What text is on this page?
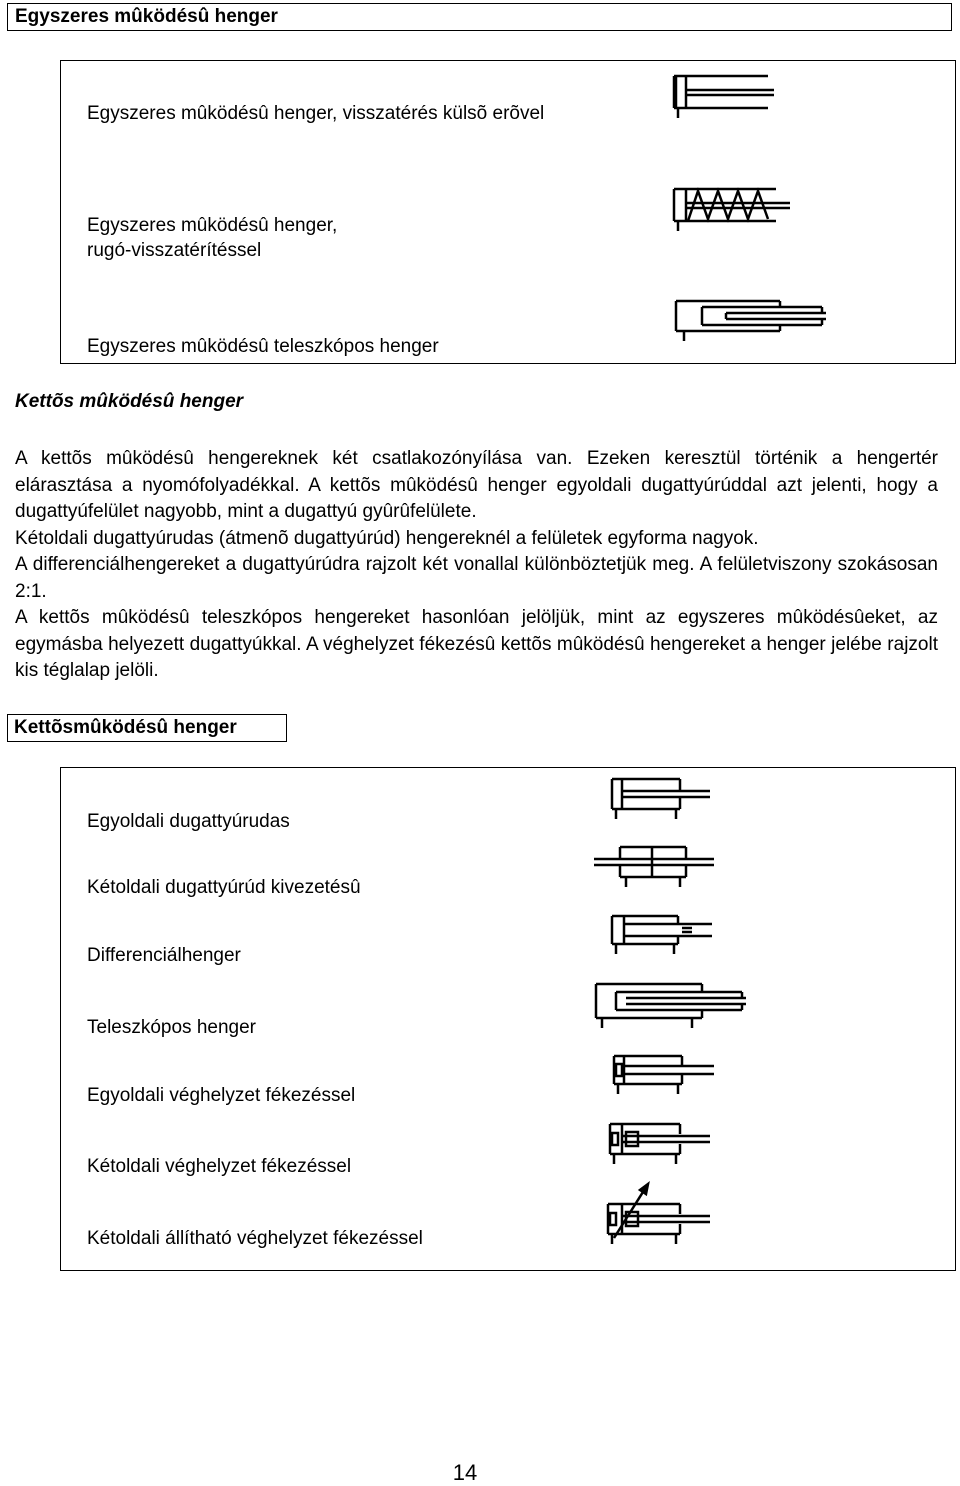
Egyszeres mûködésû henger
Egyszeres mûködésû henger, visszatérés külsõ erõvel
Egyszeres mûködésû henger,
rugó-visszatérítéssel
Egyszeres mûködésû teleszkópos henger
Kettõs mûködésû henger

A kettõs mûködésû hengereknek két csatlakozónyílása van. Ezeken keresztül történik a hengertér elárasztása a nyomófolyadékkal. A kettõs mûködésû henger egyoldali dugattyúrúddal azt jelenti, hogy a dugattyúfelület nagyobb, mint a dugattyú gyûrûfelülete.

Kétoldali dugattyúrudas (átmenõ dugattyúrúd) hengereknél a felületek egyforma nagyok.

A differenciálhengereket a dugattyúrúdra rajzolt két vonallal különböztetjük meg. A felületviszony szokásosan 2:1.

A kettõs mûködésû teleszkópos hengereket hasonlóan jelöljük, mint az egyszeres mûködésûeket, az egymásba helyezett dugattyúkkal. A véghelyzet fékezésû kettõs mûködésû hengereket a henger jelébe rajzolt kis téglalap jelöli.

Kettõsmûködésû henger
Egyoldali dugattyúrudas
Kétoldali dugattyúrúd kivezetésû
Differenciálhenger
Teleszkópos henger
Egyoldali véghelyzet fékezéssel
Kétoldali véghelyzet fékezéssel
Kétoldali állítható véghelyzet fékezéssel
14
